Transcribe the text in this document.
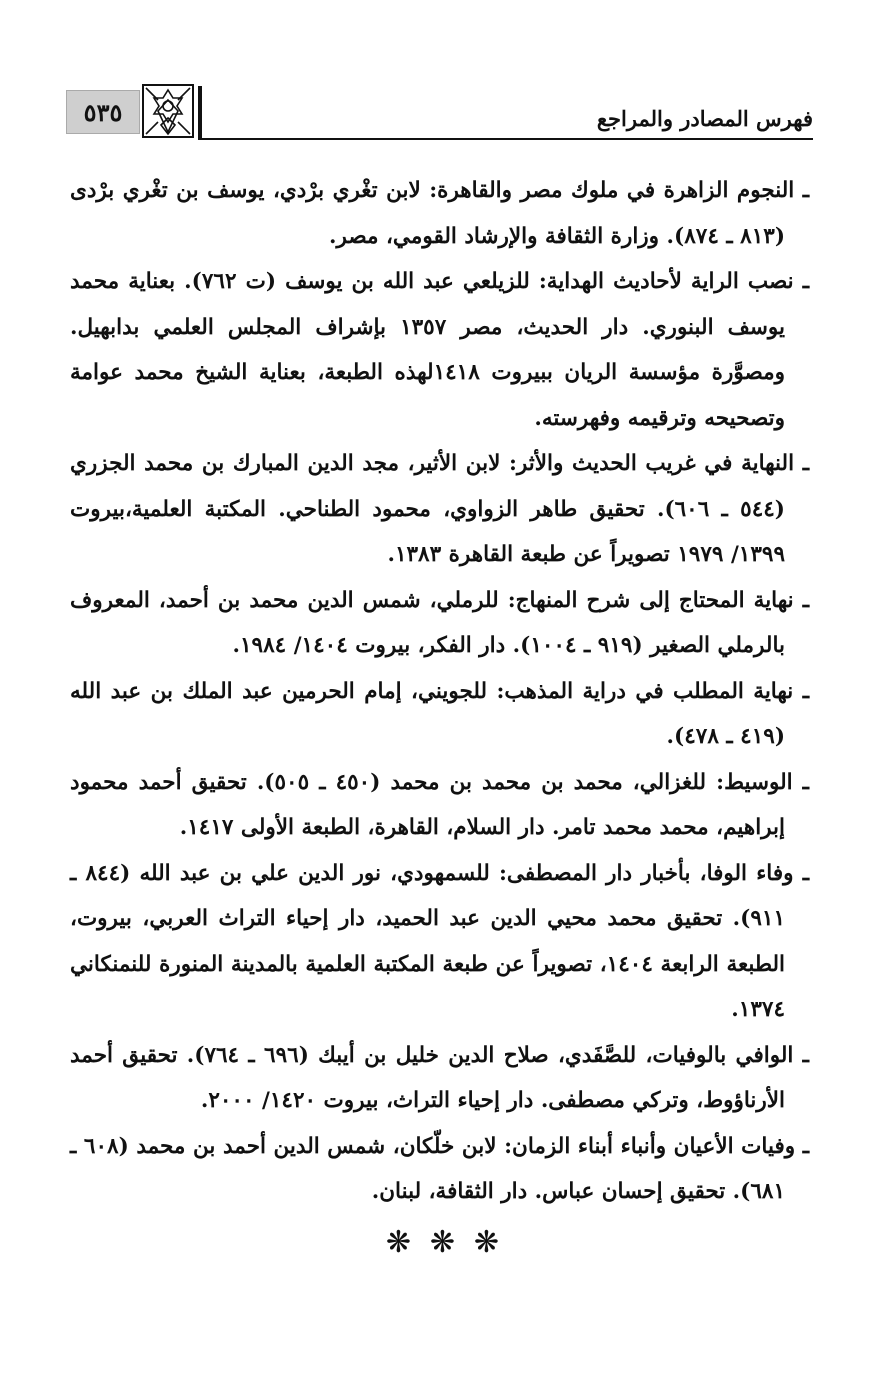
٥٣٥	فهرس المصادر والمراجع

ـ النجوم الزاهرة في ملوك مصر والقاهرة: لابن تغْري برْدي، يوسف بن تغْري برْدى (٨١٣ ـ ٨٧٤). وزارة الثقافة والإرشاد القومي، مصر.

ـ نصب الراية لأحاديث الهداية: للزيلعي عبد الله بن يوسف (ت ٧٦٢). بعناية محمد يوسف البنوري. دار الحديث، مصر ١٣٥٧ بإشراف المجلس العلمي بدابهيل. ومصوَّرة مؤسسة الريان ببيروت ١٤١٨لهذه الطبعة، بعناية الشيخ محمد عوامة وتصحيحه وترقيمه وفهرسته.

ـ النهاية في غريب الحديث والأثر: لابن الأثير، مجد الدين المبارك بن محمد الجزري (٥٤٤ ـ ٦٠٦). تحقيق طاهر الزواوي، محمود الطناحي. المكتبة العلمية،بيروت ١٣٩٩/ ١٩٧٩ تصويراً عن طبعة القاهرة ١٣٨٣.

ـ نهاية المحتاج إلى شرح المنهاج: للرملي، شمس الدين محمد بن أحمد، المعروف بالرملي الصغير (٩١٩ ـ ١٠٠٤). دار الفكر، بيروت ١٤٠٤/ ١٩٨٤.

ـ نهاية المطلب في دراية المذهب: للجويني، إمام الحرمين عبد الملك بن عبد الله (٤١٩ ـ ٤٧٨).

ـ الوسيط: للغزالي، محمد بن محمد بن محمد (٤٥٠ ـ ٥٠٥). تحقيق أحمد محمود إبراهيم، محمد محمد تامر. دار السلام، القاهرة، الطبعة الأولى ١٤١٧.

ـ وفاء الوفا، بأخبار دار المصطفى: للسمهودي، نور الدين علي بن عبد الله (٨٤٤ ـ ٩١١). تحقيق محمد محيي الدين عبد الحميد، دار إحياء التراث العربي، بيروت، الطبعة الرابعة ١٤٠٤، تصويراً عن طبعة المكتبة العلمية بالمدينة المنورة للنمنكاني ١٣٧٤.

ـ الوافي بالوفيات، للصَّفَدي، صلاح الدين خليل بن أيبك (٦٩٦ ـ ٧٦٤). تحقيق أحمد الأرناؤوط، وتركي مصطفى. دار إحياء التراث، بيروت ١٤٢٠/ ٢٠٠٠.

ـ وفيات الأعيان وأنباء أبناء الزمان: لابن خلّكان، شمس الدين أحمد بن محمد (٦٠٨ ـ ٦٨١). تحقيق إحسان عباس. دار الثقافة، لبنان.

❋ ❋ ❋
